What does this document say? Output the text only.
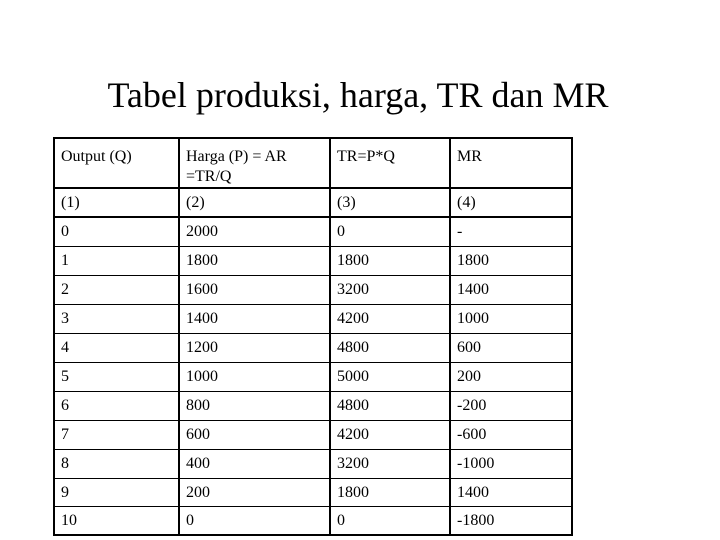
Tabel produksi, harga, TR dan MR
Output (Q)	Harga (P) = AR =TR/Q	TR=P*Q	MR
(1)	(2)	(3)	(4)
0	2000	0	-
1	1800	1800	1800
2	1600	3200	1400
3	1400	4200	1000
4	1200	4800	600
5	1000	5000	200
6	800	4800	-200
7	600	4200	-600
8	400	3200	-1000
9	200	1800	1400
10	0	0	-1800
